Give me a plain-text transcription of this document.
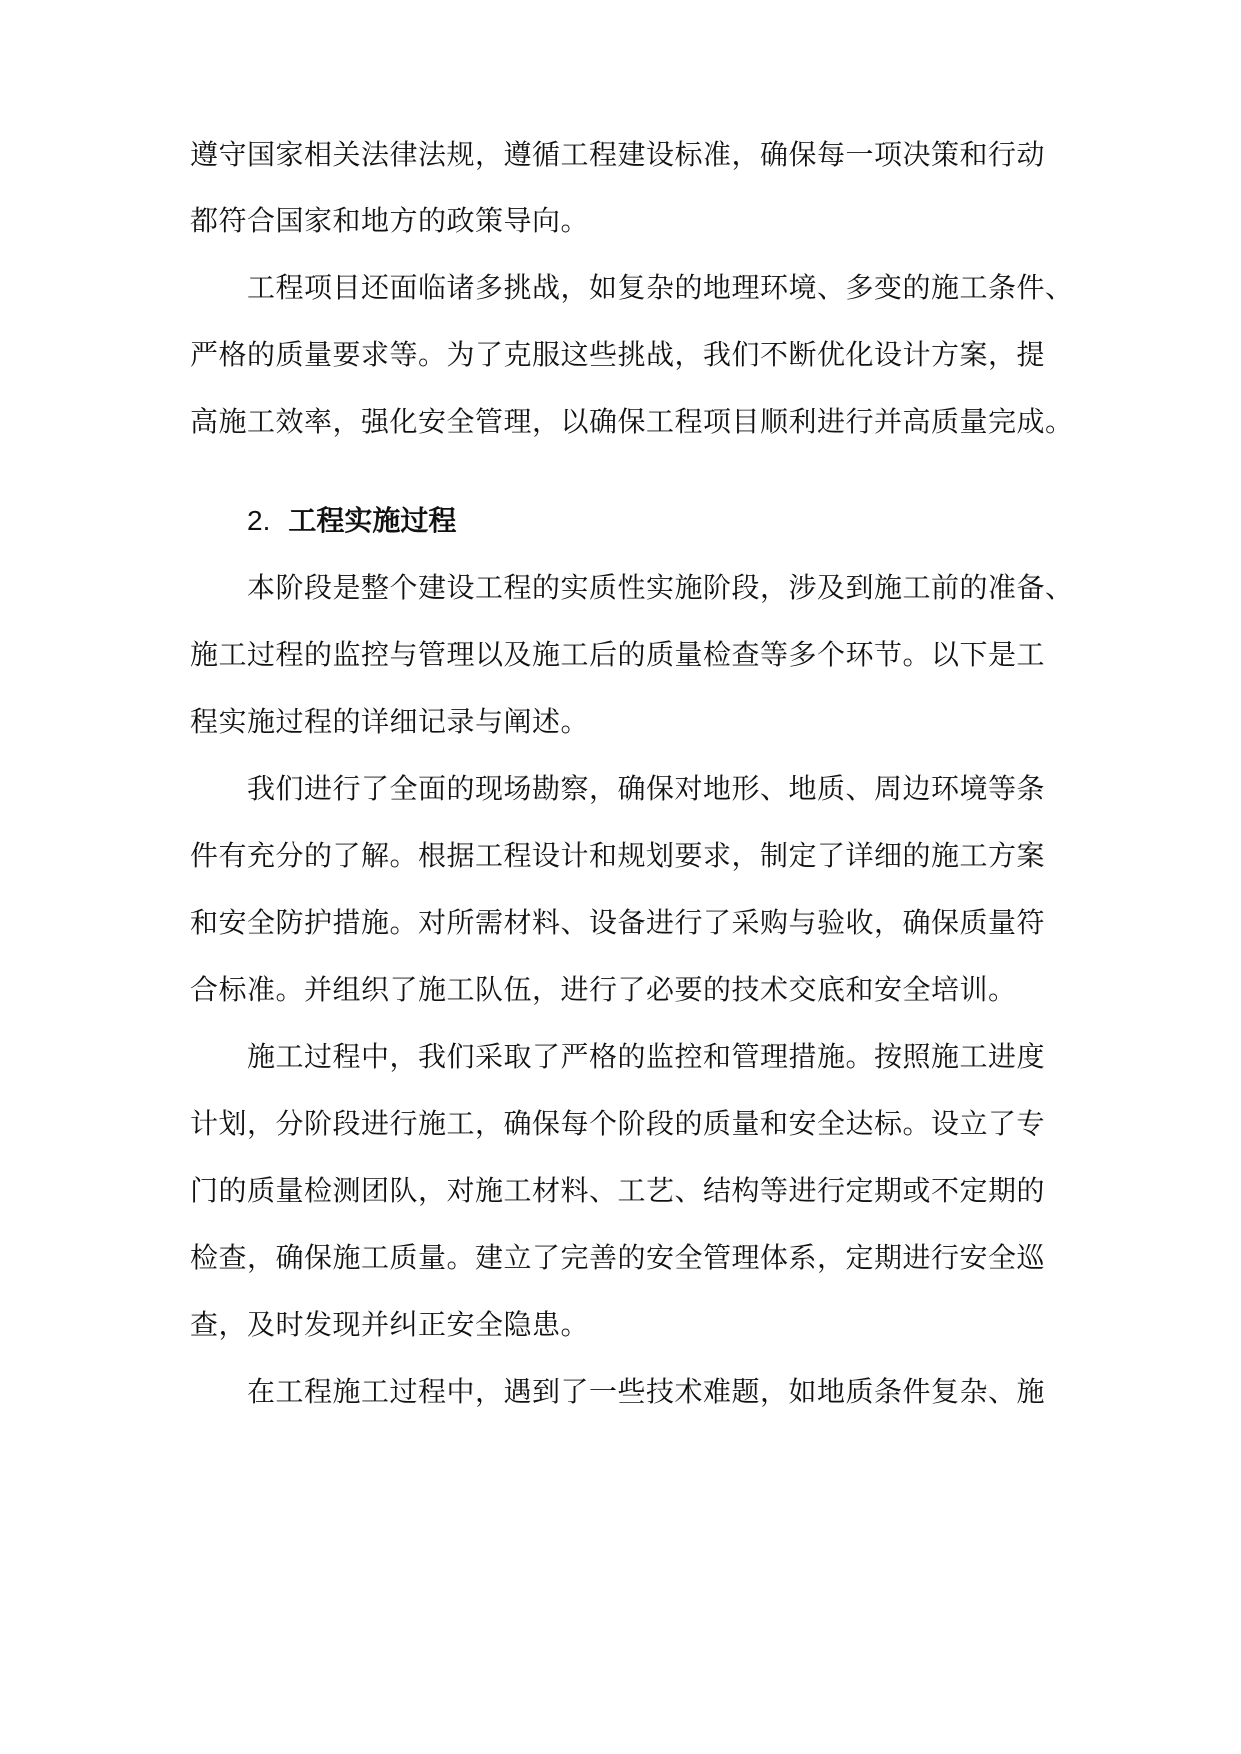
遵守国家相关法律法规，遵循工程建设标准，确保每一项决策和行动
都符合国家和地方的政策导向。
工程项目还面临诸多挑战，如复杂的地理环境、多变的施工条件、
严格的质量要求等。为了克服这些挑战，我们不断优化设计方案，提
高施工效率，强化安全管理，以确保工程项目顺利进行并高质量完成。
2. 工程实施过程
本阶段是整个建设工程的实质性实施阶段，涉及到施工前的准备、
施工过程的监控与管理以及施工后的质量检查等多个环节。以下是工
程实施过程的详细记录与阐述。
我们进行了全面的现场勘察，确保对地形、地质、周边环境等条
件有充分的了解。根据工程设计和规划要求，制定了详细的施工方案
和安全防护措施。对所需材料、设备进行了采购与验收，确保质量符
合标准。并组织了施工队伍，进行了必要的技术交底和安全培训。
施工过程中，我们采取了严格的监控和管理措施。按照施工进度
计划，分阶段进行施工，确保每个阶段的质量和安全达标。设立了专
门的质量检测团队，对施工材料、工艺、结构等进行定期或不定期的
检查，确保施工质量。建立了完善的安全管理体系，定期进行安全巡
查，及时发现并纠正安全隐患。
在工程施工过程中，遇到了一些技术难题，如地质条件复杂、施
